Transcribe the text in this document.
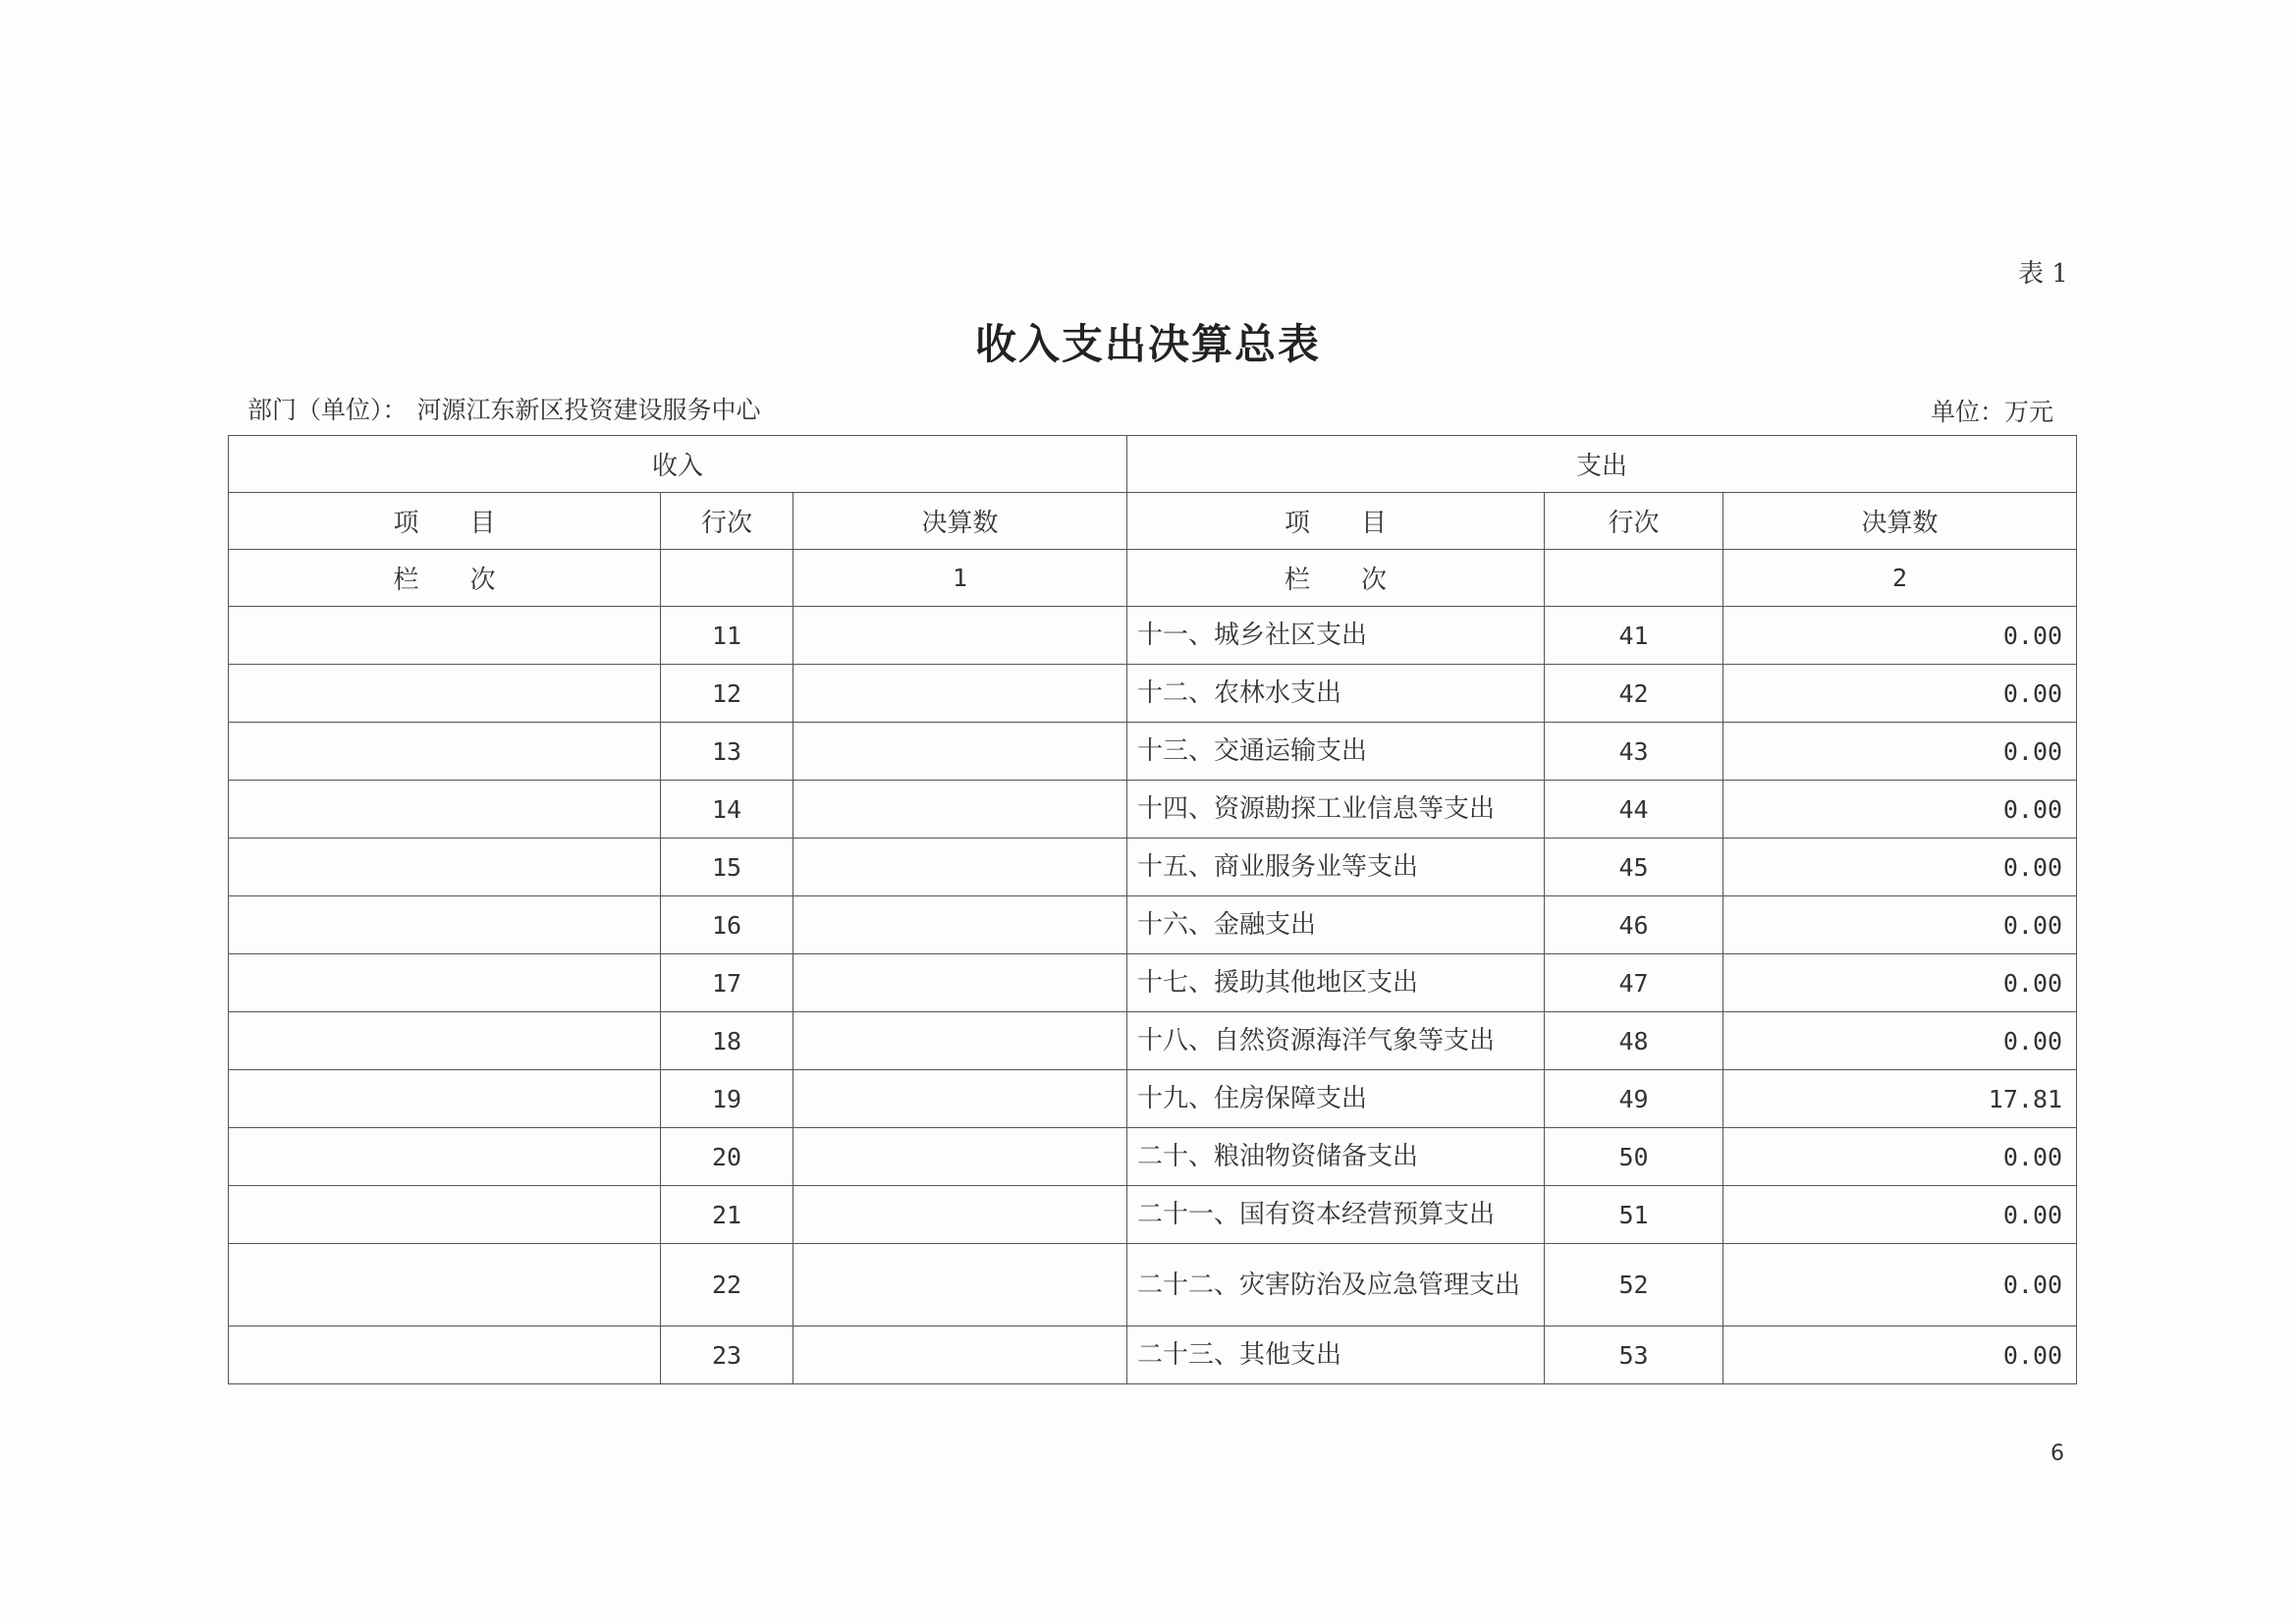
表 1
收入支出决算总表
部门（单位）： 河源江东新区投资建设服务中心	单位：万元
收入			支出		
项　　目	行次	决算数	项　　目	行次	决算数
栏　　次		1	栏　　次		2
	11		十一、城乡社区支出	41	0.00
	12		十二、农林水支出	42	0.00
	13		十三、交通运输支出	43	0.00
	14		十四、资源勘探工业信息等支出	44	0.00
	15		十五、商业服务业等支出	45	0.00
	16		十六、金融支出	46	0.00
	17		十七、援助其他地区支出	47	0.00
	18		十八、自然资源海洋气象等支出	48	0.00
	19		十九、住房保障支出	49	17.81
	20		二十、粮油物资储备支出	50	0.00
	21		二十一、国有资本经营预算支出	51	0.00
	22		二十二、灾害防治及应急管理支出	52	0.00
	23		二十三、其他支出	53	0.00
6
